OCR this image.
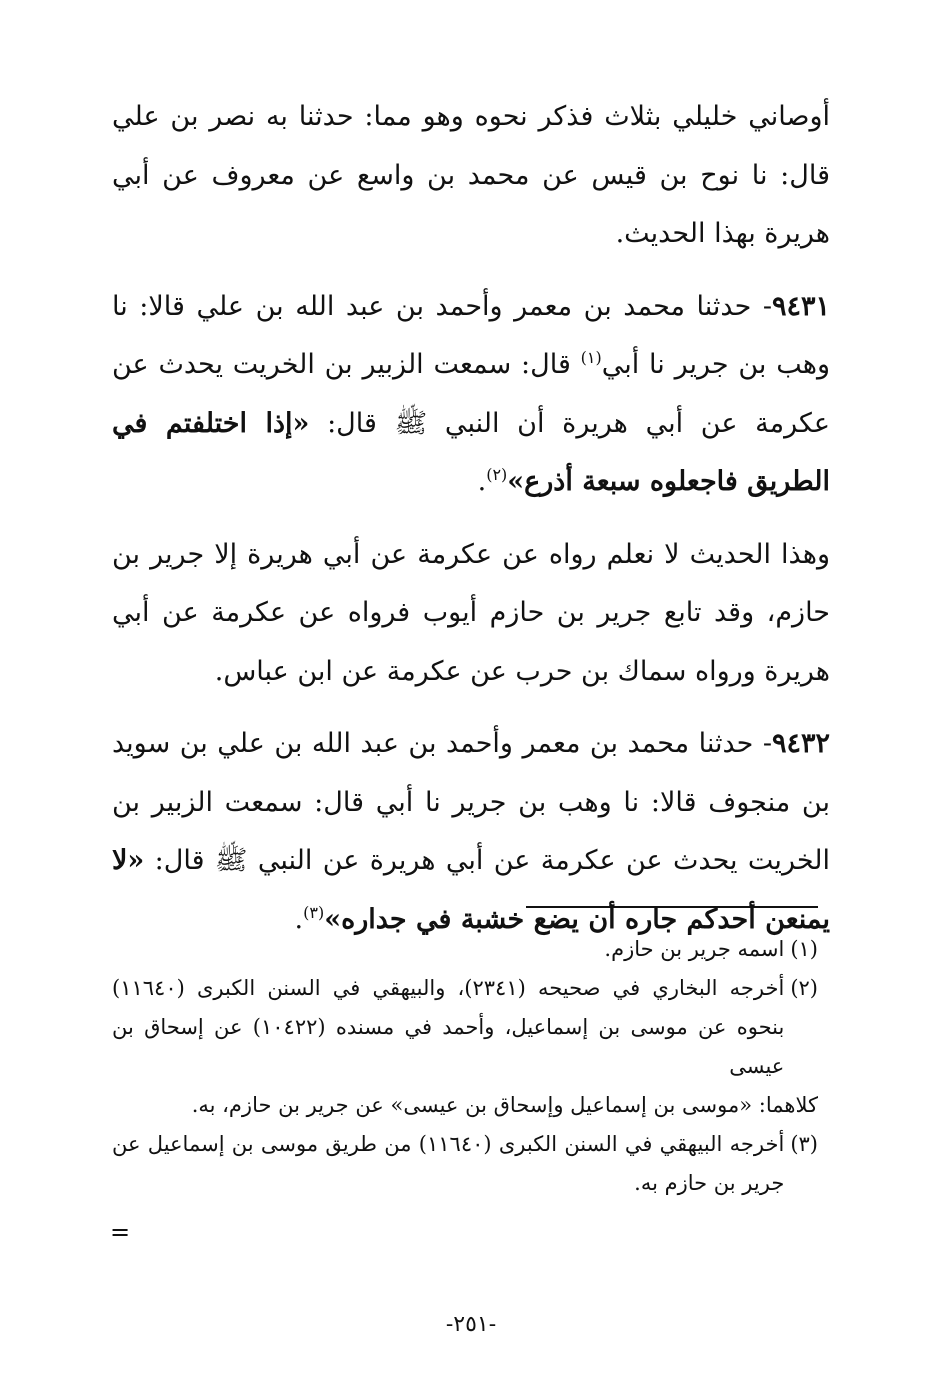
أوصاني خليلي بثلاث فذكر نحوه وهو مما: حدثنا به نصر بن علي قال: نا نوح بن قيس عن محمد بن واسع عن معروف عن أبي هريرة بهذا الحديث.

٩٤٣١- حدثنا محمد بن معمر وأحمد بن عبد الله بن علي قالا: نا وهب بن جرير نا أبي$^{(١)}$ قال: سمعت الزبير بن الخريت يحدث عن عكرمة عن أبي هريرة أن النبي ﷺ قال: «إذا اختلفتم في الطريق فاجعلوه سبعة أذرع»$^{(٢)}$.

وهذا الحديث لا نعلم رواه عن عكرمة عن أبي هريرة إلا جرير بن حازم، وقد تابع جرير بن حازم أيوب فرواه عن عكرمة عن أبي هريرة ورواه سماك بن حرب عن عكرمة عن ابن عباس.

٩٤٣٢- حدثنا محمد بن معمر وأحمد بن عبد الله بن علي بن سويد بن منجوف قالا: نا وهب بن جرير نا أبي قال: سمعت الزبير بن الخريت يحدث عن عكرمة عن أبي هريرة عن النبي ﷺ قال: «لا يمنعن أحدكم جاره أن يضع خشبة في جداره»$^{(٣)}$.

(١)
اسمه جرير بن حازم.
(٢)
أخرجه البخاري في صحيحه (٢٣٤١)، والبيهقي في السنن الكبرى (١١٦٤٠) بنحوه عن موسى بن إسماعيل، وأحمد في مسنده (١٠٤٢٢) عن إسحاق بن عيسى
كلاهما: «موسى بن إسماعيل وإسحاق بن عيسى» عن جرير بن حازم، به.
(٣)
أخرجه البيهقي في السنن الكبرى (١١٦٤٠) من طريق موسى بن إسماعيل عن جرير بن حازم به.
=
-٢٥١-
